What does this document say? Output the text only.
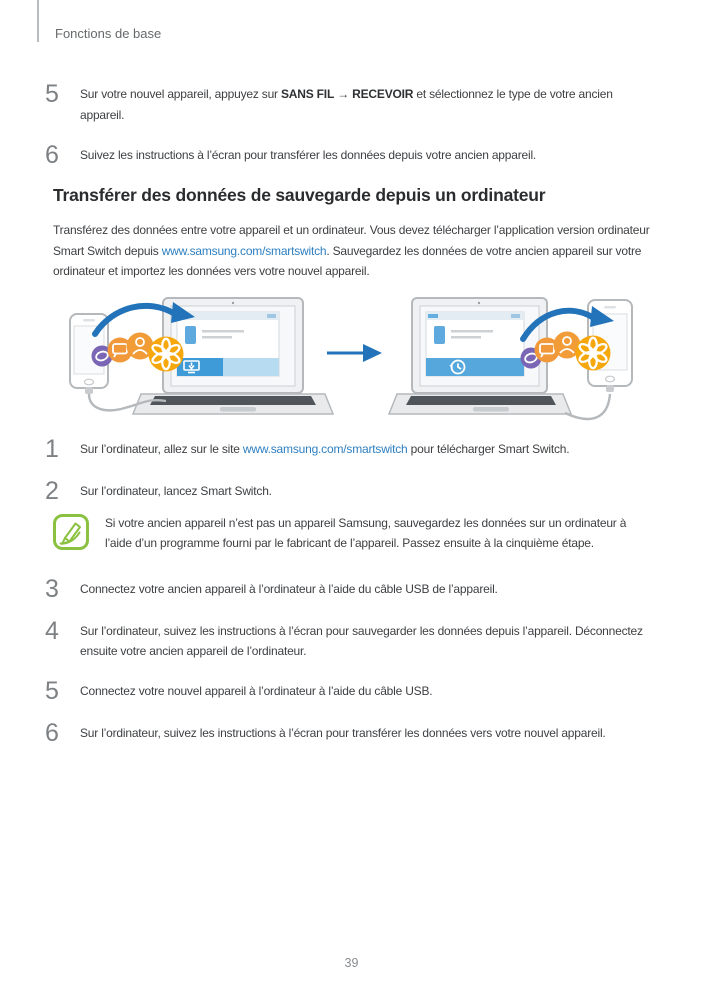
Fonctions de base
5	Sur votre nouvel appareil, appuyez sur SANS FIL → RECEVOIR et sélectionnez le type de votre ancien appareil.

6	Suivez les instructions à l’écran pour transférer les données depuis votre ancien appareil.

Transférer des données de sauvegarde depuis un ordinateur

Transférez des données entre votre appareil et un ordinateur. Vous devez télécharger l’application version ordinateur Smart Switch depuis www.samsung.com/smartswitch. Sauvegardez les données de votre ancien appareil sur votre ordinateur et importez les données vers votre nouvel appareil.

1	Sur l’ordinateur, allez sur le site www.samsung.com/smartswitch pour télécharger Smart Switch.

2	Sur l’ordinateur, lancez Smart Switch.

Si votre ancien appareil n’est pas un appareil Samsung, sauvegardez les données sur un ordinateur à l’aide d’un programme fourni par le fabricant de l’appareil. Passez ensuite à la cinquième étape.

3	Connectez votre ancien appareil à l’ordinateur à l’aide du câble USB de l’appareil.

4	Sur l’ordinateur, suivez les instructions à l’écran pour sauvegarder les données depuis l’appareil. Déconnectez ensuite votre ancien appareil de l’ordinateur.

5	Connectez votre nouvel appareil à l’ordinateur à l’aide du câble USB.

6	Sur l’ordinateur, suivez les instructions à l’écran pour transférer les données vers votre nouvel appareil.

39
